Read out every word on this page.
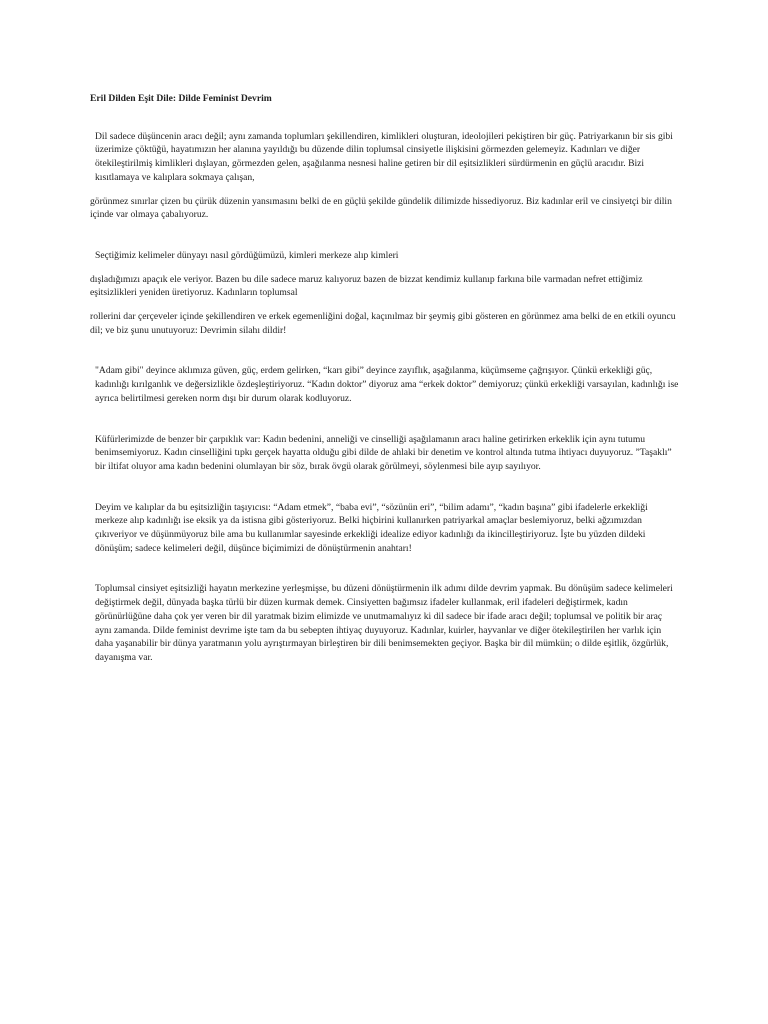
Eril Dilden Eşit Dile: Dilde Feminist Devrim

Dil sadece düşüncenin aracı değil; aynı zamanda toplumları şekillendiren, kimlikleri oluşturan, ideolojileri pekiştiren bir güç. Patriyarkanın bir sis gibi üzerimize çöktüğü, hayatımızın her alanına yayıldığı bu düzende dilin toplumsal cinsiyetle ilişkisini görmezden gelemeyiz. Kadınları ve diğer ötekileştirilmiş kimlikleri dışlayan, görmezden gelen, aşağılanma nesnesi haline getiren bir dil eşitsizlikleri sürdürmenin en güçlü aracıdır. Bizi kısıtlamaya ve kalıplara sokmaya çalışan,

görünmez sınırlar çizen bu çürük düzenin yansımasını belki de en güçlü şekilde gündelik dilimizde hissediyoruz. Biz kadınlar eril ve cinsiyetçi bir dilin içinde var olmaya çabalıyoruz.

Seçtiğimiz kelimeler dünyayı nasıl gördüğümüzü, kimleri merkeze alıp kimleri

dışladığımızı apaçık ele veriyor. Bazen bu dile sadece maruz kalıyoruz bazen de bizzat kendimiz kullanıp farkına bile varmadan nefret ettiğimiz eşitsizlikleri yeniden üretiyoruz. Kadınların toplumsal

rollerini dar çerçeveler içinde şekillendiren ve erkek egemenliğini doğal, kaçınılmaz bir şeymiş gibi gösteren en görünmez ama belki de en etkili oyuncu dil; ve biz şunu unutuyoruz: Devrimin silahı dildir!

"Adam gibi" deyince aklımıza güven, güç, erdem gelirken, “karı gibi” deyince zayıflık, aşağılanma, küçümseme çağrışıyor. Çünkü erkekliği güç, kadınlığı kırılganlık ve değersizlikle özdeşleştiriyoruz. “Kadın doktor” diyoruz ama “erkek doktor” demiyoruz; çünkü erkekliği varsayılan, kadınlığı ise ayrıca belirtilmesi gereken norm dışı bir durum olarak kodluyoruz.

Küfürlerimizde de benzer bir çarpıklık var: Kadın bedenini, anneliği ve cinselliği aşağılamanın aracı haline getirirken erkeklik için aynı tutumu benimsemiyoruz. Kadın cinselliğini tıpkı gerçek hayatta olduğu gibi dilde de ahlaki bir denetim ve kontrol altında tutma ihtiyacı duyuyoruz. ”Taşaklı” bir iltifat oluyor ama kadın bedenini olumlayan bir söz, bırak övgü olarak görülmeyi, söylenmesi bile ayıp sayılıyor.

Deyim ve kalıplar da bu eşitsizliğin taşıyıcısı: “Adam etmek”, “baba evi”, “sözünün eri”, “bilim adamı”, “kadın başına” gibi ifadelerle erkekliği merkeze alıp kadınlığı ise eksik ya da istisna gibi gösteriyoruz. Belki hiçbirini kullanırken patriyarkal amaçlar beslemiyoruz, belki ağzımızdan çıkıveriyor ve düşünmüyoruz bile ama bu kullanımlar sayesinde erkekliği idealize ediyor kadınlığı da ikincilleştiriyoruz. İşte bu yüzden dildeki dönüşüm; sadece kelimeleri değil, düşünce biçimimizi de dönüştürmenin anahtarı!

Toplumsal cinsiyet eşitsizliği hayatın merkezine yerleşmişse, bu düzeni dönüştürmenin ilk adımı dilde devrim yapmak. Bu dönüşüm sadece kelimeleri değiştirmek değil, dünyada başka türlü bir düzen kurmak demek. Cinsiyetten bağımsız ifadeler kullanmak, eril ifadeleri değiştirmek, kadın görünürlüğüne daha çok yer veren bir dil yaratmak bizim elimizde ve unutmamalıyız ki dil sadece bir ifade aracı değil; toplumsal ve politik bir araç aynı zamanda. Dilde feminist devrime işte tam da bu sebepten ihtiyaç duyuyoruz. Kadınlar, kuirler, hayvanlar ve diğer ötekileştirilen her varlık için daha yaşanabilir bir dünya yaratmanın yolu ayrıştırmayan birleştiren bir dili benimsemekten geçiyor. Başka bir dil mümkün; o dilde eşitlik, özgürlük, dayanışma var.
